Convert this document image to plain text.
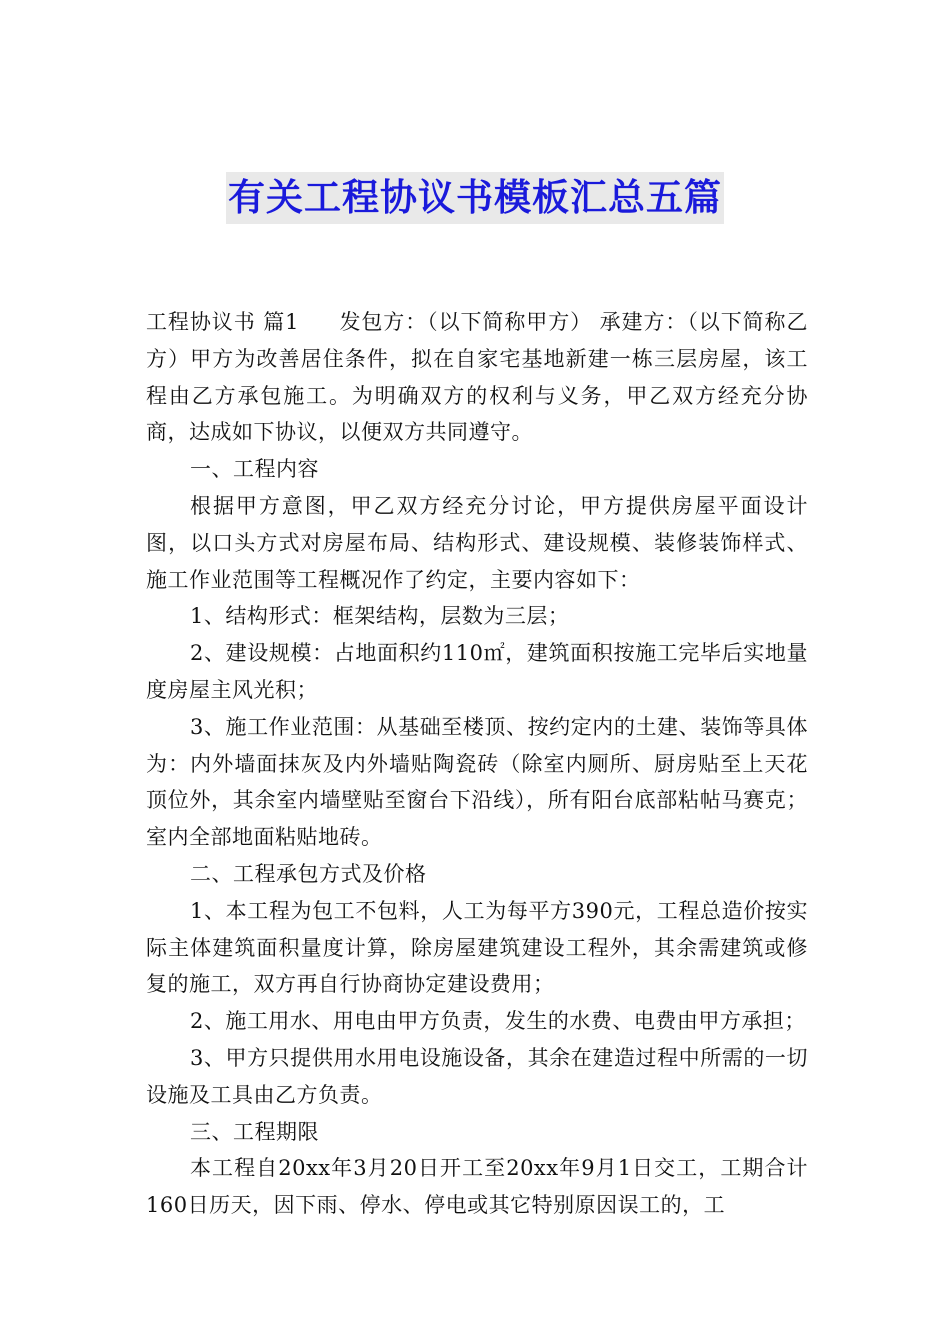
有关工程协议书模板汇总五篇

工程协议书 篇1 发包方：（以下简称甲方） 承建方：（以下简称乙方）甲方为改善居住条件，拟在自家宅基地新建一栋三层房屋，该工程由乙方承包施工。为明确双方的权利与义务，甲乙双方经充分协商，达成如下协议，以便双方共同遵守。

一、工程内容

根据甲方意图，甲乙双方经充分讨论，甲方提供房屋平面设计图，以口头方式对房屋布局、结构形式、建设规模、装修装饰样式、施工作业范围等工程概况作了约定，主要内容如下：

1、结构形式：框架结构，层数为三层；

2、建设规模：占地面积约110㎡，建筑面积按施工完毕后实地量度房屋主风光积；

3、施工作业范围：从基础至楼顶、按约定内的土建、装饰等具体为：内外墙面抹灰及内外墙贴陶瓷砖（除室内厕所、厨房贴至上天花顶位外，其余室内墙壁贴至窗台下沿线），所有阳台底部粘帖马赛克；室内全部地面粘贴地砖。

二、工程承包方式及价格

1、本工程为包工不包料，人工为每平方390元，工程总造价按实际主体建筑面积量度计算，除房屋建筑建设工程外，其余需建筑或修复的施工，双方再自行协商协定建设费用；

2、施工用水、用电由甲方负责，发生的水费、电费由甲方承担；

3、甲方只提供用水用电设施设备，其余在建造过程中所需的一切设施及工具由乙方负责。

三、工程期限

本工程自20xx年3月20日开工至20xx年9月1日交工，工期合计160日历天，因下雨、停水、停电或其它特别原因误工的，工
